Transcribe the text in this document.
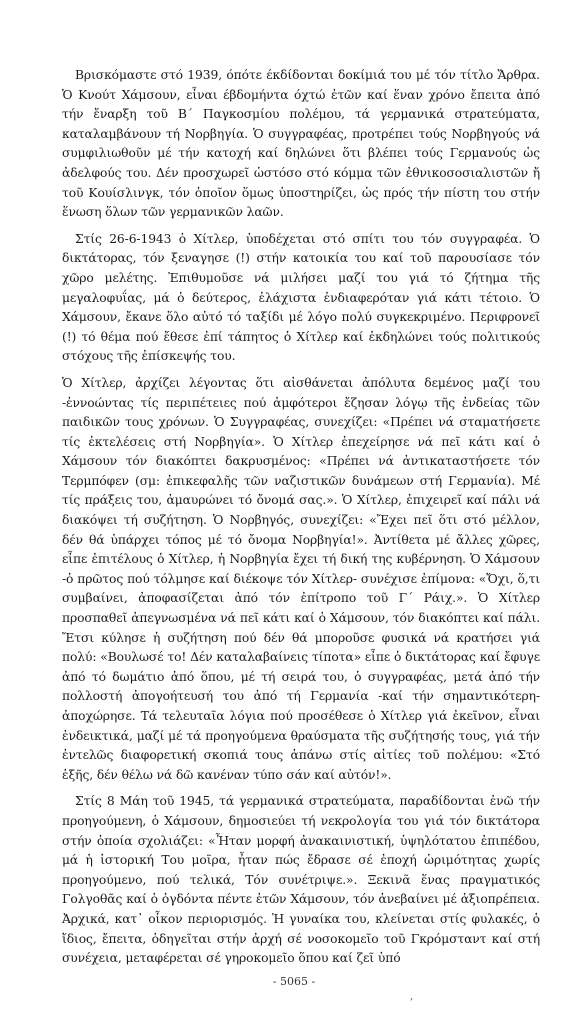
Βρισκόμαστε στό 1939, όπότε έκδίδονται δοκίμιά του μέ τόν τίτλο Ἄρθρα. Ὁ Κνούτ Χάμσουν, εἶναι έβδομήντα όχτώ ἐτῶν καί ἕναν χρόνο ἔπειτα ἀπό τήν ἔναρξη τοῦ Β΄ Παγκοσμίου πολέμου, τά γερμανικά στρατεύματα, καταλαμβάνουν τή Νορβηγία. Ὁ συγγραφέας, προτρέπει τούς Νορβηγούς νά συμφιλιωθοῦν μέ τήν κατοχή καί δηλώνει ὅτι βλέπει τούς Γερμανούς ὡς ἀδελφούς του. Δέν προσχωρεῖ ὡστόσο στό κόμμα τῶν ἐθνικοσοσιαλιστῶν ἤ τοῦ Κουίσλινγκ, τόν ὁποῖον ὅμως ὑποστηρίζει, ὡς πρός τήν πίστη του στήν ἕνωση ὅλων τῶν γερμανικῶν λαῶν.

Στίς 26-6-1943 ὁ Χίτλερ, ὑποδέχεται στό σπίτι του τόν συγγραφέα. Ὁ δικτάτορας, τόν ξεναγησε (!) στήν κατοικία του καί τοῦ παρουσίασε τόν χῶρο μελέτης. Ἐπιθυμοῦσε νά μιλήσει μαζί του γιά τό ζήτημα τῆς μεγαλοφυΐας, μά ὁ δεύτερος, ἐλάχιστα ἐνδιαφερόταν γιά κάτι τέτοιο. Ὁ Χάμσουν, ἔκανε ὅλο αὐτό τό ταξίδι μέ λόγο πολύ συγκεκριμένο. Περιφρονεῖ (!) τό θέμα πού ἔθεσε ἐπί τάπητος ὁ Χίτλερ καί ἐκδηλώνει τούς πολιτικούς στόχους τῆς ἐπίσκεψής του.

Ὁ Χίτλερ, ἀρχίζει λέγοντας ὅτι αἰσθάνεται ἀπόλυτα δεμένος μαζί του -ἐννοώντας τίς περιπέτειες πού ἀμφότεροι ἔζησαν λόγῳ τῆς ἐνδείας τῶν παιδικῶν τους χρόνων. Ὁ Συγγραφέας, συνεχίζει: «Πρέπει νά σταματήσετε τίς ἐκτελέσεις στή Νορβηγία». Ὁ Χίτλερ ἐπεχείρησε νά πεῖ κάτι καί ὁ Χάμσουν τόν διακόπτει δακρυσμένος: «Πρέπει νά ἀντικαταστήσετε τόν Τερμπόφεν (σμ: ἐπικεφαλῆς τῶν ναζιστικῶν δυνάμεων στή Γερμανία). Μέ τίς πράξεις του, ἀμαυρώνει τό ὄνομά σας.». Ὁ Χίτλερ, ἐπιχειρεῖ καί πάλι νά διακόψει τή συζήτηση. Ὁ Νορβηγός, συνεχίζει: «Ἔχει πεῖ ὅτι στό μέλλον, δέν θά ὑπάρχει τόπος μέ τό ὄνομα Νορβηγία!». Ἀντίθετα μέ ἄλλες χῶρες, εἶπε ἐπιτέλους ὁ Χίτλερ, ἡ Νορβηγία ἔχει τή δική της κυβέρνηση. Ὁ Χάμσουν -ὁ πρῶτος πού τόλμησε καί διέκοψε τόν Χίτλερ- συνέχισε ἐπίμονα: «Ὄχι, ὅ,τι συμβαίνει, ἀποφασίζεται ἀπό τόν ἐπίτροπο τοῦ Γ΄ Ράιχ.». Ὁ Χίτλερ προσπαθεῖ ἀπεγνωσμένα νά πεῖ κάτι καί ὁ Χάμσουν, τόν διακόπτει καί πάλι. Ἔτσι κύλησε ἡ συζήτηση πού δέν θά μποροῦσε φυσικά νά κρατήσει γιά πολύ: «Βουλωσέ το! Δέν καταλαβαίνεις τίποτα» εἶπε ὁ δικτάτορας καί ἔφυγε ἀπό τό δωμάτιο ἀπό ὅπου, μέ τή σειρά του, ὁ συγγραφέας, μετά ἀπό τήν πολλοστή ἀπογοήτευσή του ἀπό τή Γερμανία -καί τήν σημαντικότερη- ἀποχώρησε. Τά τελευταῖα λόγια πού προσέθεσε ὁ Χίτλερ γιά ἐκεῖνον, εἶναι ἐνδεικτικά, μαζί μέ τά προηγούμενα θραύσματα τῆς συζήτησής τους, γιά τήν ἐντελῶς διαφορετική σκοπιά τους ἀπάνω στίς αἰτίες τοῦ πολέμου: «Στό ἑξῆς, δέν θέλω νά δῶ κανέναν τύπο σάν καί αὐτόν!».

Στίς 8 Μάη τοῦ 1945, τά γερμανικά στρατεύματα, παραδίδονται ἐνῶ τήν προηγούμενη, ὁ Χάμσουν, δημοσιεύει τή νεκρολογία του γιά τόν δικτάτορα στήν ὁποία σχολιάζει: «Ἦταν μορφή ἀνακαινιστική, ὑψηλότατου ἐπιπέδου, μά ἡ ἱστορική Του μοῖρα, ἦταν πώς ἔδρασε σέ ἐποχή ὡριμότητας χωρίς προηγούμενο, πού τελικά, Τόν συνέτριψε.». Ξεκινᾶ ἕνας πραγματικός Γολγοθᾶς καί ὁ ὀγδόντα πέντε ἐτῶν Χάμσουν, τόν ἀνεβαίνει μέ ἀξιοπρέπεια. Ἀρχικά, κατ᾽ οἶκον περιορισμός. Ἡ γυναίκα του, κλείνεται στίς φυλακές, ὁ ἴδιος, ἔπειτα, ὁδηγεῖται στήν ἀρχή σέ νοσοκομεῖο τοῦ Γκρόμσταντ καί στή συνέχεια, μεταφέρεται σέ γηροκομεῖο ὅπου καί ζεῖ ὑπό

- 5065 -
,
